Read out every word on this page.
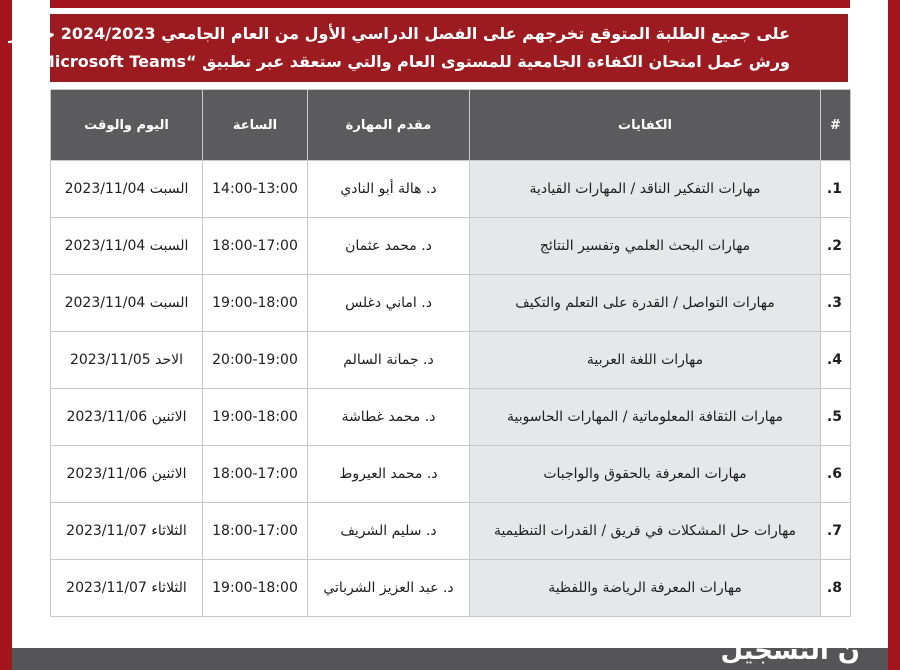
على جميع الطلبة المتوقع تخرجهم على الفصل الدراسي الأول من العام الجامعي 2024/2023 حضور
ورش عمل امتحان الكفاءة الجامعية للمستوى العام والتي ستعقد عبر تطبيق “Microsoft Teams”
#	الكفايات	مقدم المهارة	الساعة	اليوم والوقت
1.	مهارات التفكير الناقد / المهارات القيادية	د. هالة أبو النادي	14:00-13:00	السبت 2023/11/04
2.	مهارات البحث العلمي وتفسير النتائج	د. محمد عثمان	18:00-17:00	السبت 2023/11/04
3.	مهارات التواصل / القدرة على التعلم والتكيف	د. اماني دغلس	19:00-18:00	السبت 2023/11/04
4.	مهارات اللغة العربية	د. جمانة السالم	20:00-19:00	الاحد 2023/11/05
5.	مهارات الثقافة المعلوماتية / المهارات الحاسوبية	د. محمد غطاشة	19:00-18:00	الاثنين 2023/11/06
6.	مهارات المعرفة بالحقوق والواجبات	د. محمد العيروط	18:00-17:00	الاثنين 2023/11/06
7.	مهارات حل المشكلات في فريق / القدرات التنظيمية	د. سليم الشريف	18:00-17:00	الثلاثاء 2023/11/07
8.	مهارات المعرفة الرياضة واللفظية	د. عبد العزيز الشرباتي	19:00-18:00	الثلاثاء 2023/11/07
نُ التسّجيل
